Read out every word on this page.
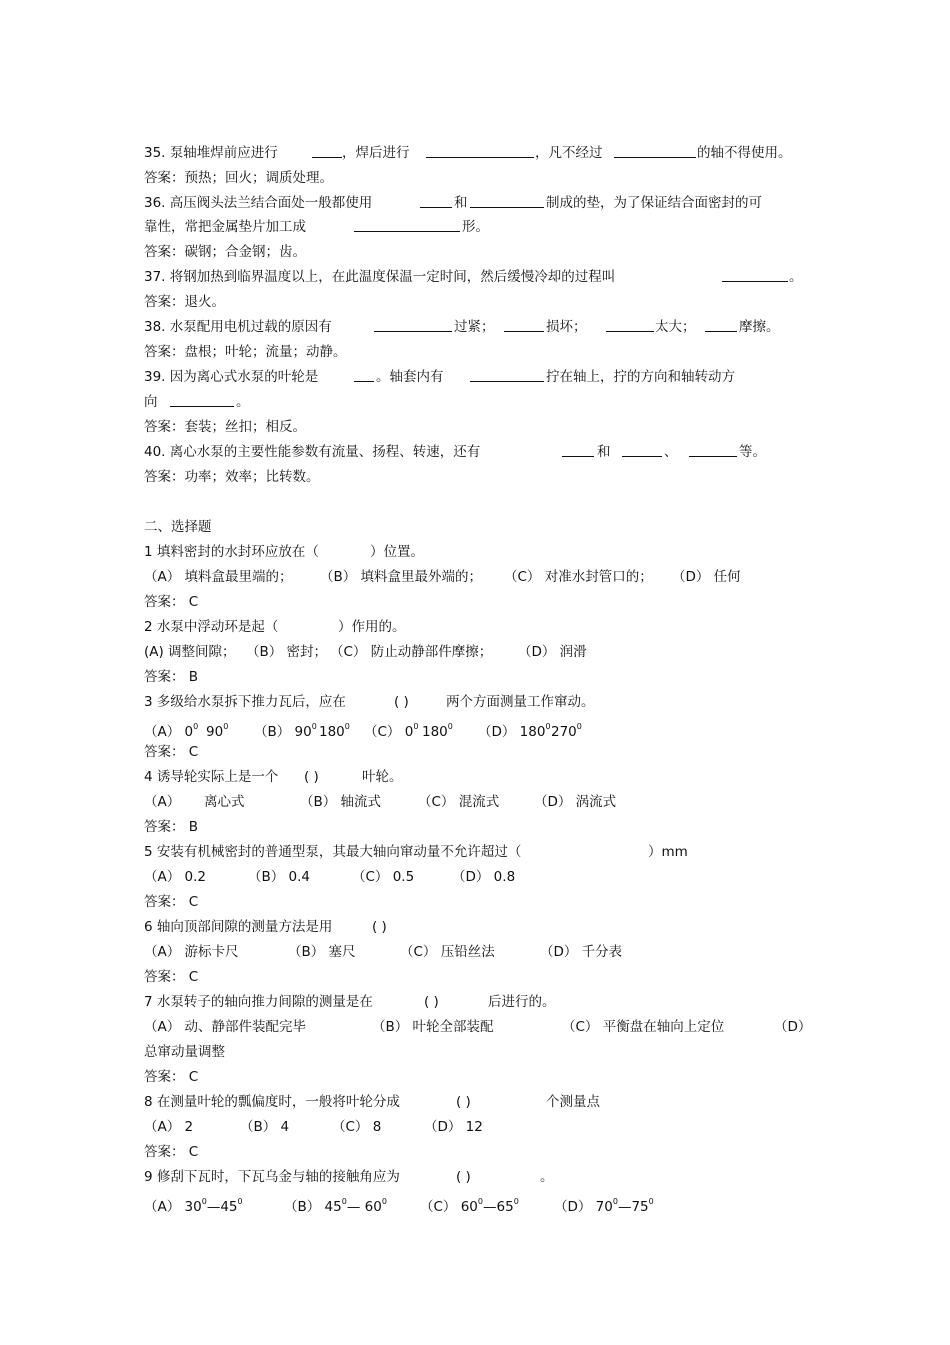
35. 泵轴堆焊前应进行	，焊后进行	，凡不经过	的轴不得使用。
答案：预热；回火；调质处理。
36. 高压阀头法兰结合面处一般都使用	和	制成的垫，为了保证结合面密封的可
靠性，常把金属垫片加工成	形。
答案：碳钢；合金钢；齿。
37. 将钢加热到临界温度以上，在此温度保温一定时间，然后缓慢冷却的过程叫	。
答案：退火。
38. 水泵配用电机过载的原因有	过紧；	损坏；	太大；	摩擦。
答案：盘根；叶轮；流量；动静。
39. 因为离心式水泵的叶轮是	。轴套内有	拧在轴上，拧的方向和轴转动方
向	。
答案：套装；丝扣；相反。
40. 离心水泵的主要性能参数有流量、扬程、转速，还有	和	、	等。
答案：功率；效率；比转数。
二、选择题
1 填料密封的水封环应放在（	）位置。
（A） 填料盒最里端的； （B） 填料盒里最外端的； （C） 对准水封管口的； （D） 任何
答案： C
2 水泵中浮动环是起（	）作用的。
(A) 调整间隙； （B） 密封； （C） 防止动静部件摩擦； （D） 润滑
答案： B
3 多级给水泵拆下推力瓦后，应在	( )	两个方面测量工作窜动。
（A） $0^0$ $90^0$ （B） $90^0$ $180^0$ （C） $0^0$ $180^0$ （D） $180^0$ $270^0$
答案： C
4 诱导轮实际上是一个 ( )	叶轮。
（A） 离心式	（B） 轴流式	（C） 混流式	（D） 涡流式
答案： B
5 安装有机械密封的普通型泵，其最大轴向窜动量不允许超过（	）mm
（A） 0.2	（B） 0.4	（C） 0.5	（D） 0.8
答案： C
6 轴向顶部间隙的测量方法是用	( )
（A） 游标卡尺	（B） 塞尺	（C） 压铅丝法	（D） 千分表
答案： C
7 水泵转子的轴向推力间隙的测量是在	( )	后进行的。
（A） 动、静部件装配完毕	（B） 叶轮全部装配	（C） 平衡盘在轴向上定位	（D）
总窜动量调整
答案： C
8 在测量叶轮的瓢偏度时，一般将叶轮分成	( )	个测量点
（A） 2	（B） 4	（C） 8	（D） 12
答案： C
9 修刮下瓦时，下瓦乌金与轴的接触角应为	( )	。
（A） $30^0—45^0$	（B） $45^0—$ $60^0$ （C） $60^0—65^0$	（D） $70^0—75^0$
